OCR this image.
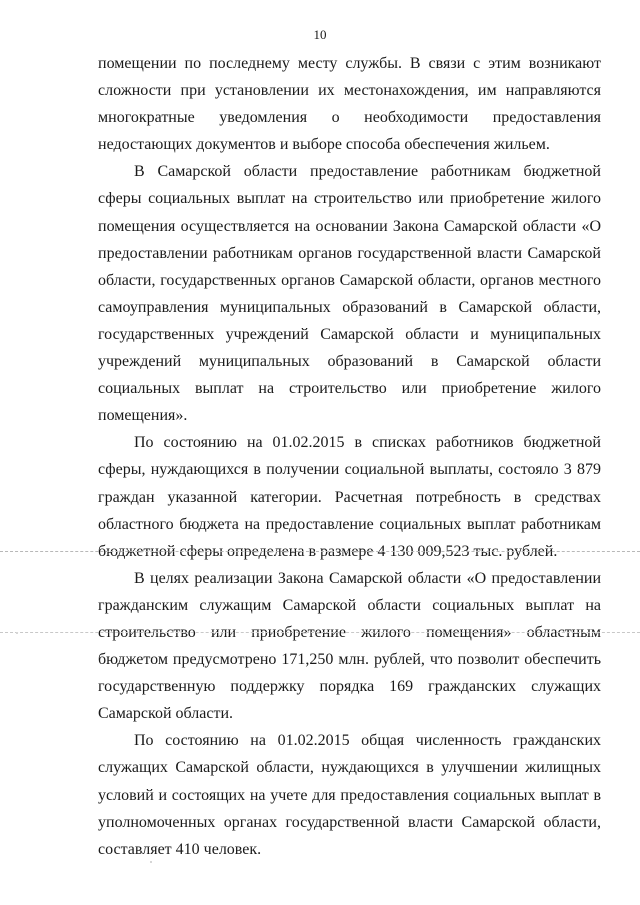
10

помещении по последнему месту службы. В связи с этим возникают сложности при установлении их местонахождения, им направляются многократные уведомления о необходимости предоставления недостающих документов и выборе способа обеспечения жильем.

В Самарской области предоставление работникам бюджетной сферы социальных выплат на строительство или приобретение жилого помещения осуществляется на основании Закона Самарской области «О предоставлении работникам органов государственной власти Самарской области, государственных органов Самарской области, органов местного самоуправления муниципальных образований в Самарской области, государственных учреждений Самарской области и муниципальных учреждений муниципальных образований в Самарской области социальных выплат на строительство или приобретение жилого помещения».

По состоянию на 01.02.2015 в списках работников бюджетной сферы, нуждающихся в получении социальной выплаты, состояло 3 879 граждан указанной категории. Расчетная потребность в средствах областного бюджета на предоставление социальных выплат работникам бюджетной сферы определена в размере 4 130 009,523 тыс. рублей.

В целях реализации Закона Самарской области «О предоставлении гражданским служащим Самарской области социальных выплат на строительство или приобретение жилого помещения» областным бюджетом предусмотрено 171,250 млн. рублей, что позволит обеспечить государственную поддержку порядка 169 гражданских служащих Самарской области.

По состоянию на 01.02.2015 общая численность гражданских служащих Самарской области, нуждающихся в улучшении жилищных условий и состоящих на учете для предоставления социальных выплат в уполномоченных органах государственной власти Самарской области, составляет 410 человек.
